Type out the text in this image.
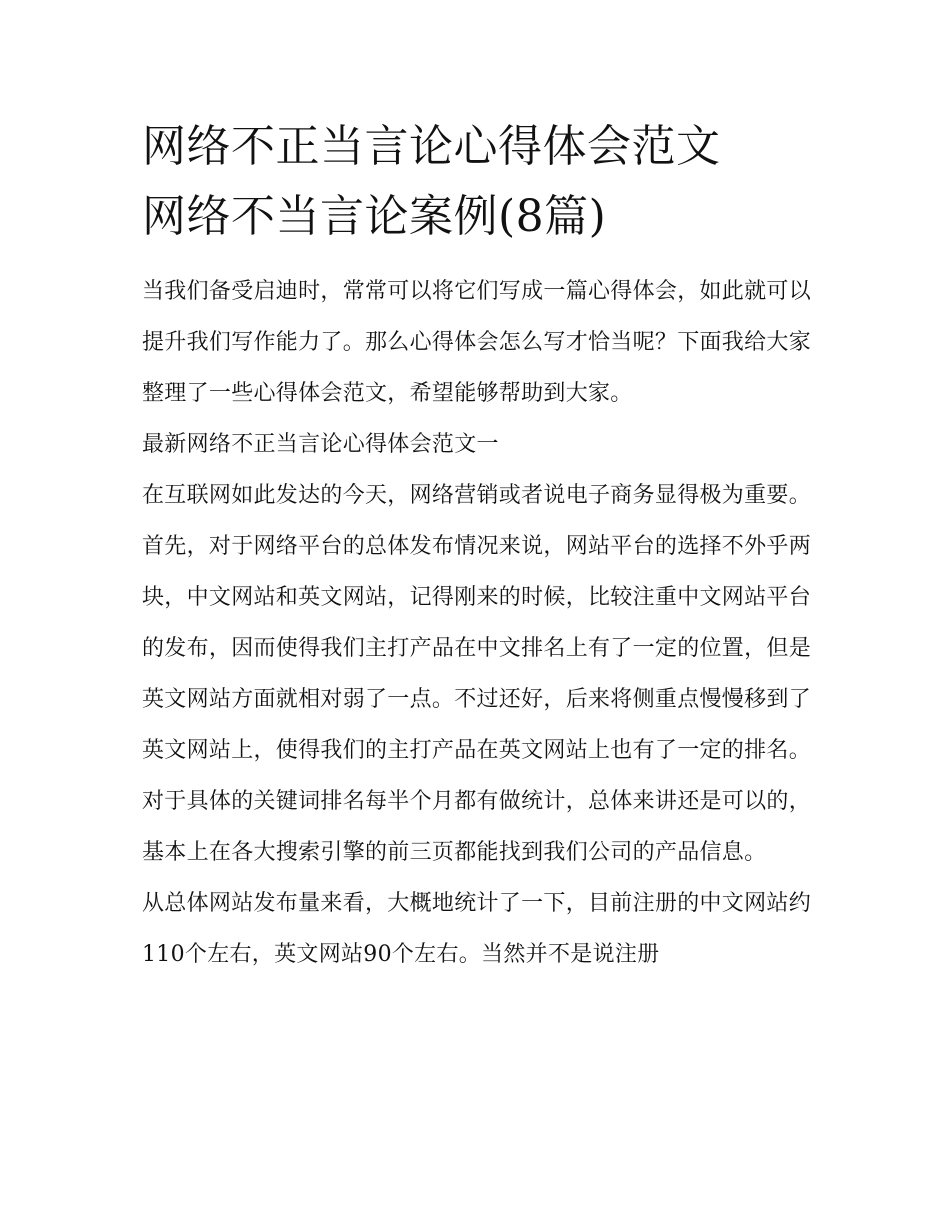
网络不正当言论心得体会范文
网络不当言论案例(8篇)

当我们备受启迪时，常常可以将它们写成一篇心得体会，如此就可以提升我们写作能力了。那么心得体会怎么写才恰当呢？下面我给大家整理了一些心得体会范文，希望能够帮助到大家。

最新网络不正当言论心得体会范文一

在互联网如此发达的今天，网络营销或者说电子商务显得极为重要。首先，对于网络平台的总体发布情况来说，网站平台的选择不外乎两块，中文网站和英文网站，记得刚来的时候，比较注重中文网站平台的发布，因而使得我们主打产品在中文排名上有了一定的位置，但是英文网站方面就相对弱了一点。不过还好，后来将侧重点慢慢移到了英文网站上，使得我们的主打产品在英文网站上也有了一定的排名。对于具体的关键词排名每半个月都有做统计，总体来讲还是可以的，基本上在各大搜索引擎的前三页都能找到我们公司的产品信息。

从总体网站发布量来看，大概地统计了一下，目前注册的中文网站约110个左右，英文网站90个左右。当然并不是说注册
